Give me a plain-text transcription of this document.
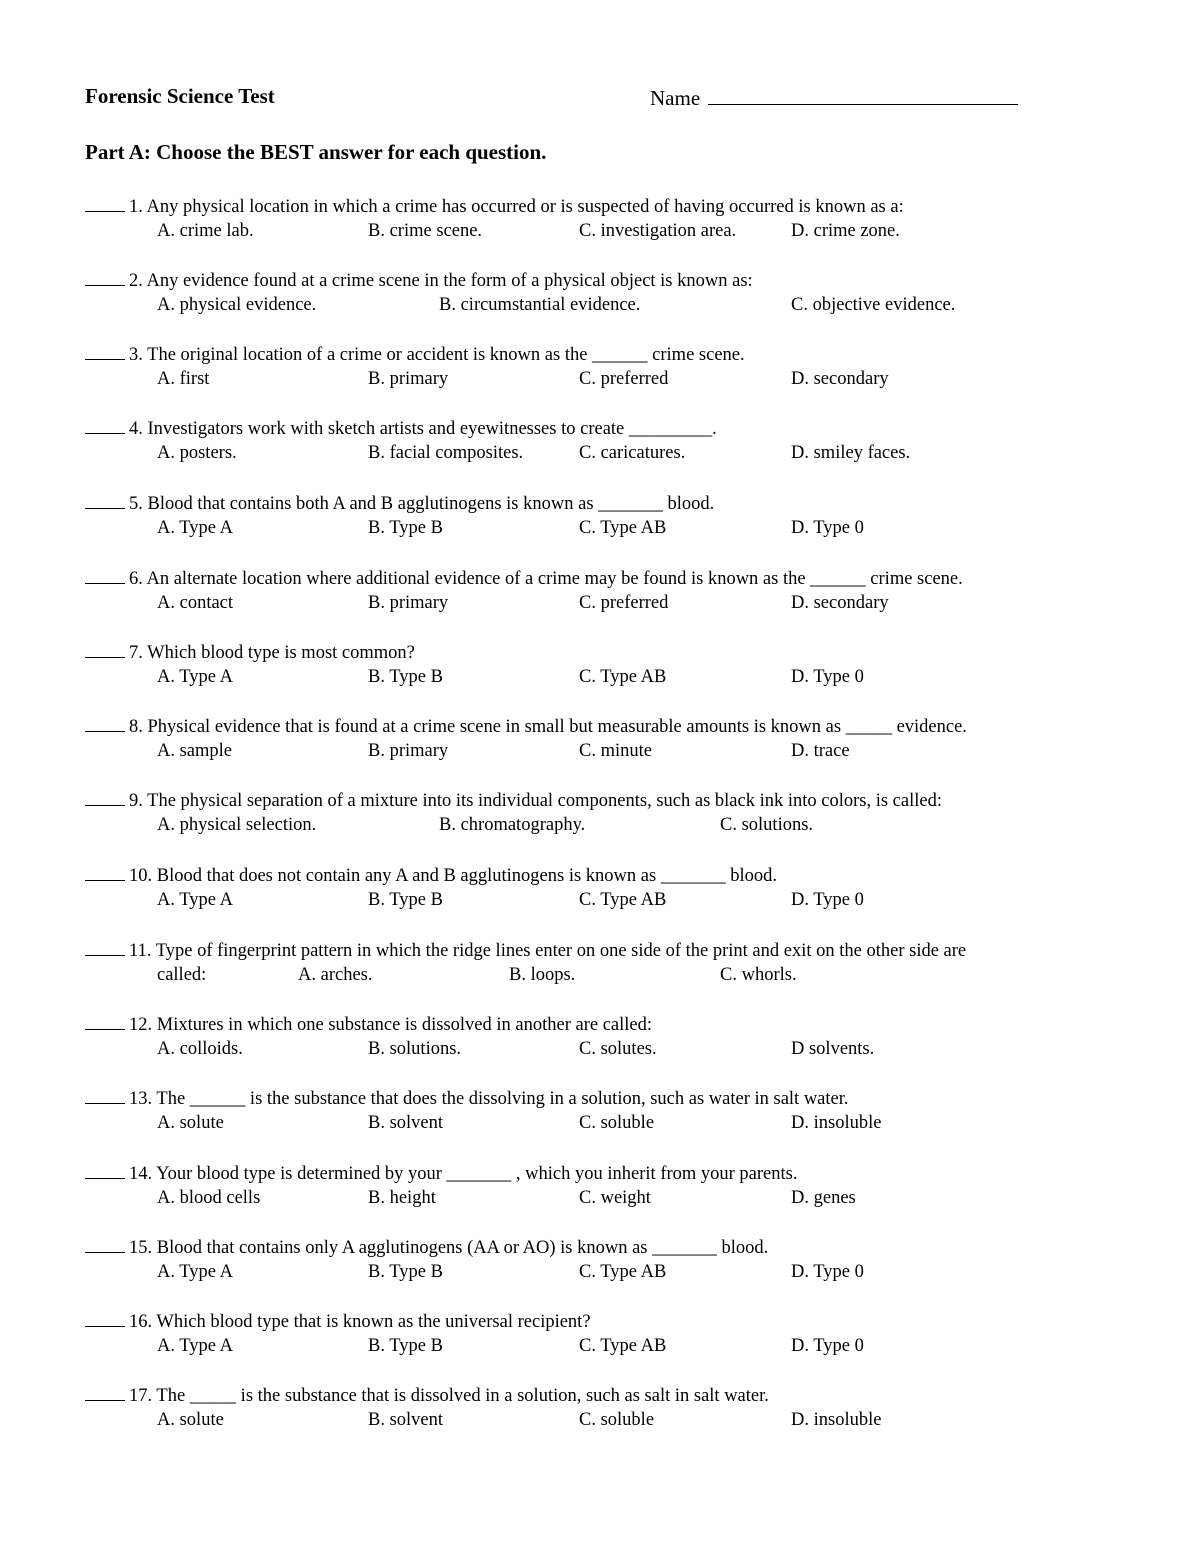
Forensic Science Test	Name
Part A: Choose the BEST answer for each question.
1. Any physical location in which a crime has occurred or is suspected of having occurred is known as a:
A. crime lab.	B. crime scene.	C. investigation area.	D. crime zone.
2. Any evidence found at a crime scene in the form of a physical object is known as:
A. physical evidence.	B. circumstantial evidence.	C. objective evidence.
3. The original location of a crime or accident is known as the ______ crime scene.
A. first	B. primary	C. preferred	D. secondary
4. Investigators work with sketch artists and eyewitnesses to create _________.
A. posters.	B. facial composites.	C. caricatures.	D. smiley faces.
5. Blood that contains both A and B agglutinogens is known as _______ blood.
A. Type A	B. Type B	C. Type AB	D. Type 0
6. An alternate location where additional evidence of a crime may be found is known as the ______ crime scene.
A. contact	B. primary	C. preferred	D. secondary
7. Which blood type is most common?
A. Type A	B. Type B	C. Type AB	D. Type 0
8. Physical evidence that is found at a crime scene in small but measurable amounts is known as _____ evidence.
A. sample	B. primary	C. minute	D. trace
9. The physical separation of a mixture into its individual components, such as black ink into colors, is called:
A. physical selection.	B. chromatography.	C. solutions.
10. Blood that does not contain any A and B agglutinogens is known as _______ blood.
A. Type A	B. Type B	C. Type AB	D. Type 0
11. Type of fingerprint pattern in which the ridge lines enter on one side of the print and exit on the other side are
called:	A. arches.	B. loops.	C. whorls.
12. Mixtures in which one substance is dissolved in another are called:
A. colloids.	B. solutions.	C. solutes.	D solvents.
13. The ______ is the substance that does the dissolving in a solution, such as water in salt water.
A. solute	B. solvent	C. soluble	D. insoluble
14. Your blood type is determined by your _______ , which you inherit from your parents.
A. blood cells	B. height	C. weight	D. genes
15. Blood that contains only A agglutinogens (AA or AO) is known as _______ blood.
A. Type A	B. Type B	C. Type AB	D. Type 0
16. Which blood type that is known as the universal recipient?
A. Type A	B. Type B	C. Type AB	D. Type 0
17. The _____ is the substance that is dissolved in a solution, such as salt in salt water.
A. solute	B. solvent	C. soluble	D. insoluble
